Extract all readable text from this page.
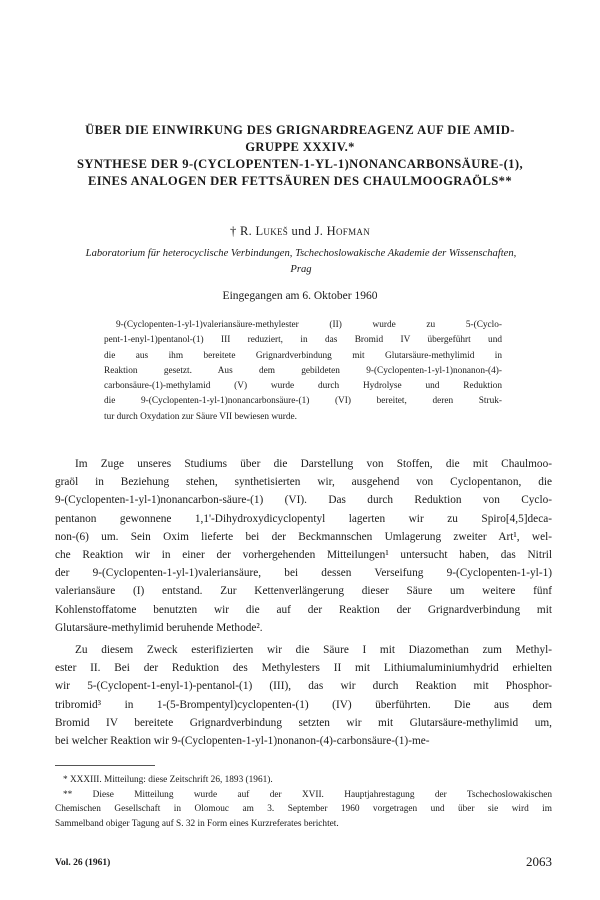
ÜBER DIE EINWIRKUNG DES GRIGNARDREAGENZ AUF DIE AMID-
GRUPPE XXXIV.*
SYNTHESE DER 9-(CYCLOPENTEN-1-YL-1)NONANCARBONSÄURE-(1),
EINES ANALOGEN DER FETTSÄUREN DES CHAULMOOGRAÖLS**
† R. Lukeš und J. Hofman
Laboratorium für heterocyclische Verbindungen, Tschechoslowakische Akademie der Wissenschaften,
Prag
Eingegangen am 6. Oktober 1960
9-(Cyclopenten-1-yl-1)valeriansäure-methylester (II) wurde zu 5-(Cyclo-
pent-1-enyl-1)pentanol-(1) III reduziert, in das Bromid IV übergeführt und
die aus ihm bereitete Grignardverbindung mit Glutarsäure-methylimid in
Reaktion gesetzt. Aus dem gebildeten 9-(Cyclopenten-1-yl-1)nonanon-(4)-
carbonsäure-(1)-methylamid (V) wurde durch Hydrolyse und Reduktion
die 9-(Cyclopenten-1-yl-1)nonancarbonsäure-(1) (VI) bereitet, deren Struk-
tur durch Oxydation zur Säure VII bewiesen wurde.

Im Zuge unseres Studiums über die Darstellung von Stoffen, die mit Chaulmoo-
graöl in Beziehung stehen, synthetisierten wir, ausgehend von Cyclopentanon, die
9-(Cyclopenten-1-yl-1)nonancarbon-säure-(1) (VI). Das durch Reduktion von Cyclo-
pentanon gewonnene 1,1'-Dihydroxydicyclopentyl lagerten wir zu Spiro[4,5]deca-
non-(6) um. Sein Oxim lieferte bei der Beckmannschen Umlagerung zweiter Art¹, wel-
che Reaktion wir in einer der vorhergehenden Mitteilungen¹ untersucht haben, das Nitril
der 9-(Cyclopenten-1-yl-1)valeriansäure, bei dessen Verseifung 9-(Cyclopenten-1-yl-1)
valeriansäure (I) entstand. Zur Kettenverlängerung dieser Säure um weitere fünf
Kohlenstoffatome benutzten wir die auf der Reaktion der Grignardverbindung mit
Glutarsäure-methylimid beruhende Methode².

Zu diesem Zweck esterifizierten wir die Säure I mit Diazomethan zum Methyl-
ester II. Bei der Reduktion des Methylesters II mit Lithiumaluminiumhydrid erhielten
wir 5-(Cyclopent-1-enyl-1)-pentanol-(1) (III), das wir durch Reaktion mit Phosphor-
tribromid³ in 1-(5-Brompentyl)cyclopenten-(1) (IV) überführten. Die aus dem
Bromid IV bereitete Grignardverbindung setzten wir mit Glutarsäure-methylimid um,
bei welcher Reaktion wir 9-(Cyclopenten-1-yl-1)nonanon-(4)-carbonsäure-(1)-me-

* XXXIII. Mitteilung: diese Zeitschrift 26, 1893 (1961).
** Diese Mitteilung wurde auf der XVII. Hauptjahrestagung der Tschechoslowakischen
Chemischen Gesellschaft in Olomouc am 3. September 1960 vorgetragen und über sie wird im
Sammelband obiger Tagung auf S. 32 in Form eines Kurzreferates berichtet.
Vol. 26 (1961)	2063
